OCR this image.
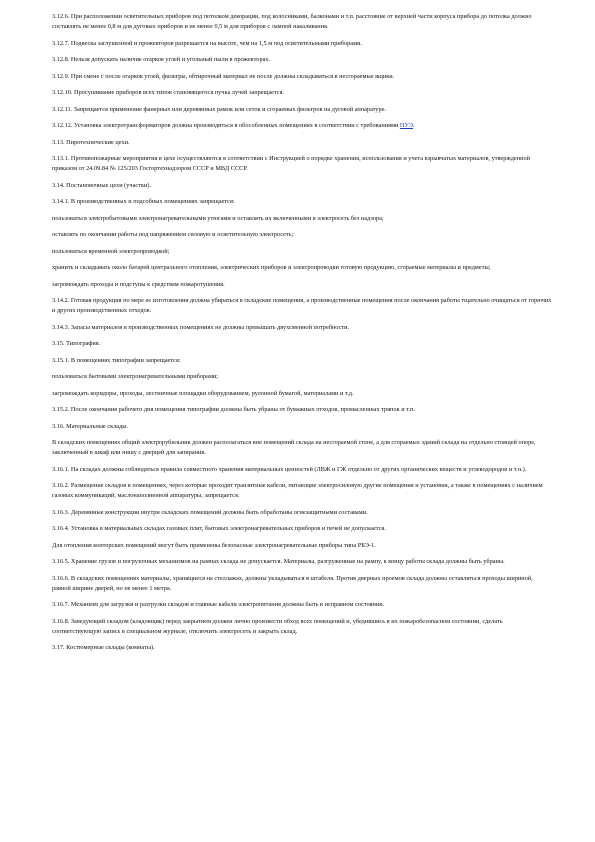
3.12.6. При расположении осветительных приборов под потолком декорации, под колосниками, балконами и т.п. расстояние от верхней части корпуса прибора до потолка должно составлять не менее 0,8 м для дуговых приборов и не менее 0,5 м для приборов с лампой накаливания.

3.12.7. Подвеска заглушенной и прожекторов разрешается на высоте, чем на 1,5 м под осветительными приборами.

3.12.8. Нельзя допускать наличие огарков углей и угольный пыли в прожекторах.

3.12.9. При смене с после огарков углей, фильтры, обтирочный материал не после должны складываться в несгораемые ящики.

3.12.10. Просушивание приборов всех типов становящегося пучка лучей запрещается.

3.12.11. Запрещается применение фанерных или деревянных рамок или сеток и сгораемых фильтров на дуговой аппаратуре.

3.12.12. Установка электротрансформаторов должна производиться в обособленных помещениях в соответствии с требованиями ПУЭ.

3.13. Пиротехнические цехи.

3.13.1. Противопожарные мероприятия в цехе осуществляются в соответствии с Инструкцией о порядке хранения, использования и учета взрывчатых материалов, утвержденной приказом от 24.09.84 № 125/203 Госгортехнадзором СССР и МВД СССР.

3.14. Постановочные цехи (участки).

3.14.1. В производственных и подсобных помещениях запрещается:

пользоваться электробытовыми электронагревательными утюгами и оставлять их включенными в электросеть без надзора;

оставлять по окончании работы под напряжением силовую и осветительную электросеть;

пользоваться временной электропроводкой;

хранить и складывать около батарей центрального отопления, электрических приборов и электропроводки готовую продукцию, сгораемые материалы и предметы;

загромождать проходы и подступы к средствам пожаротушения.

3.14.2. Готовая продукция по мере ее изготовления должна убираться в складские помещения, а производственные помещения после окончания работы тщательно очищаться от горючих и других производственных отходов.

3.14.3. Запасы материалов в производственных помещениях не должны превышать двухсменной потребности.

3.15. Типография.

3.15.1. В помещениях типографии запрещается:

пользоваться бытовыми электронагревательными приборами;

загромождать коридоры, проходы, лестничные площадки оборудованием, рулонной бумагой, материалами и т.д.

3.15.2. После окончания рабочего дня помещения типографии должны быть убраны от бумажных отходов, промасленных тряпок и т.п.

3.16. Материальные склады.

В складских помещениях общий электрорубильник должен располагаться вне помещений склада на несгораемой стене, а для сгораемых зданий склада на отдельно стоящей опоре, заключенный в шкаф или нишу с дверцей для запирания.

3.16.1. На складах должны соблюдаться правила совместного хранения материальных ценностей (ЛВЖ и ГЖ отдельно от других органических веществ и углеводородов и т.п.).

3.16.2. Размещение складов в помещениях, через которые проходят транзитные кабели, питающие электросиловую другие помещения и установки, а также в помещениях с наличием газовых коммуникаций, маслонаполненной аппаратуры, запрещается.

3.16.3. Деревянные конструкции внутри складских помещений должны быть обработаны огнезащитными составами.

3.16.4. Установка в материальных складах газовых плит, бытовых электронагревательных приборов и печей не допускается.

Для отопления конторских помещений могут быть применены безопасные электронагревательные приборы типа РБЭ-1.

3.16.5. Хранение грузов и погрузочных механизмов на рампах склада не допускается. Материалы, разгруженные на рампу, к концу работы склада должны быть убраны.

3.16.6. В складских помещениях материалы, хранящиеся на стеллажах, должны укладываться в штабеля. Против дверных проемов склада должны оставляться проходы шириной, равной ширине дверей, но не менее 1 метра.

3.16.7. Механизм для загрузки и разгрузки складов и главные кабели электропитания должны быть в исправном состоянии.

3.16.8. Заведующий складом (кладовщик) перед закрытием должен лично произвести обход всех помещений и, убедившись в их пожаробезопасном состоянии, сделать соответствующую запись в специальном журнале, отключить электросеть и закрыть склад.

3.17. Костюмерные склады (комнаты).
